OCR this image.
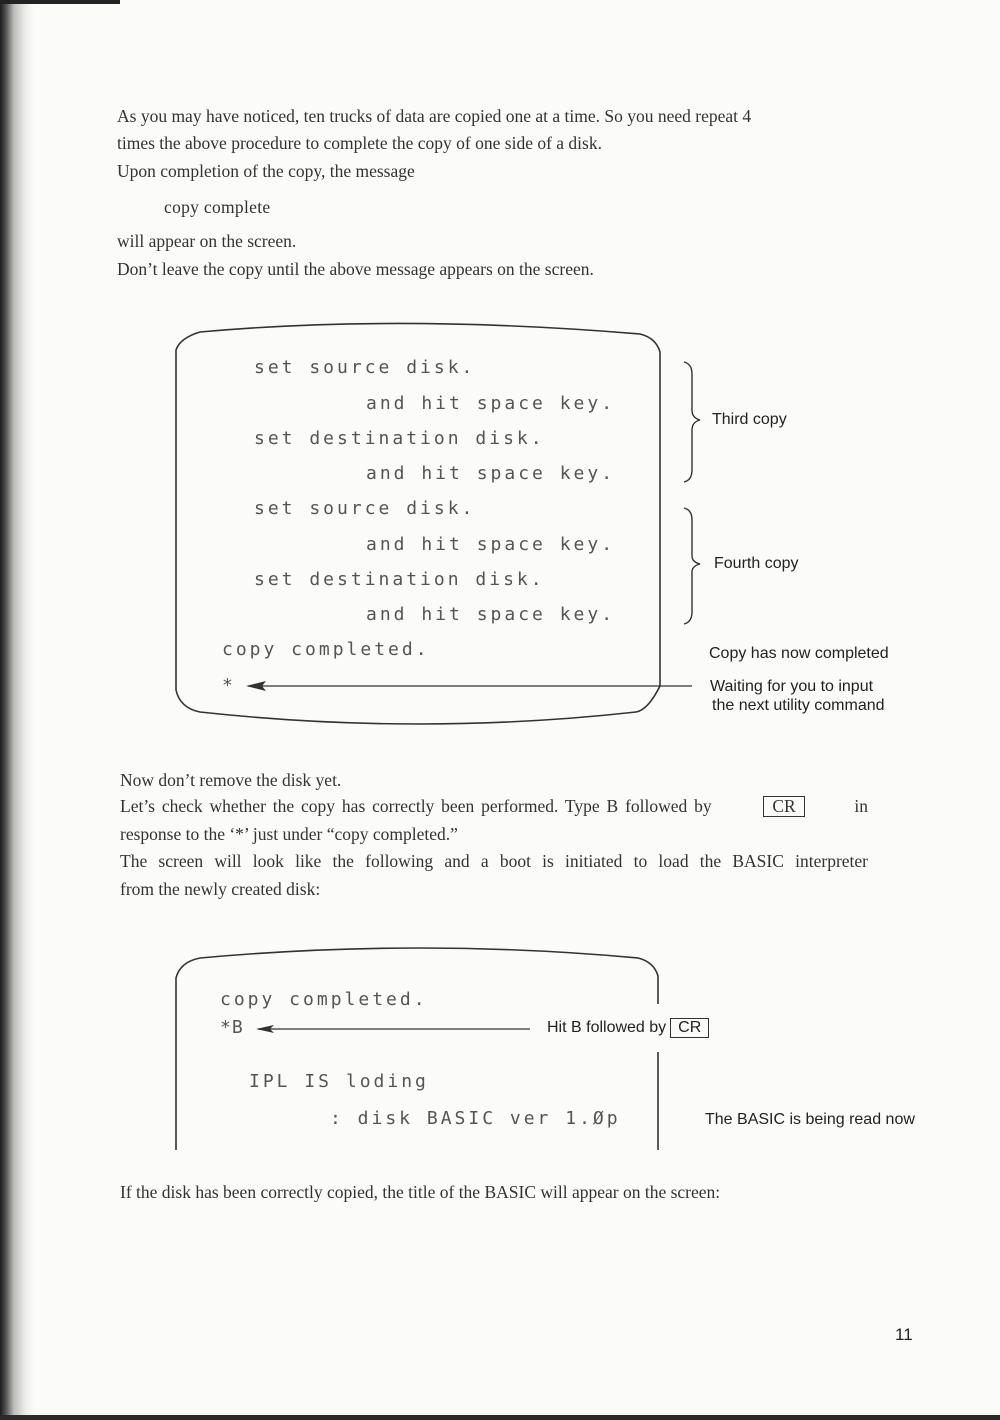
As you may have noticed, ten trucks of data are copied one at a time. So you need repeat 4
times the above procedure to complete the copy of one side of a disk.
Upon completion of the copy, the message
copy complete
will appear on the screen.
Don’t leave the copy until the above message appears on the screen.
set source disk.
and hit space key.
set destination disk.
and hit space key.
set source disk.
and hit space key.
set destination disk.
and hit space key.
copy completed.
*
Third copy
Fourth copy
Copy has now completed
Waiting for you to input
the next utility command
Now don’t remove the disk yet.
Let’s check whether the copy has correctly been performed. Type B followed by	CR	in
response to the ‘*’ just under “copy completed.”
The screen will look like the following and a boot is initiated to load the BASIC interpreter
from the newly created disk:
copy completed.
*B
IPL IS loding
: disk BASIC ver 1.Øp
Hit B followed by CR
The BASIC is being read now
If the disk has been correctly copied, the title of the BASIC will appear on the screen:
11
